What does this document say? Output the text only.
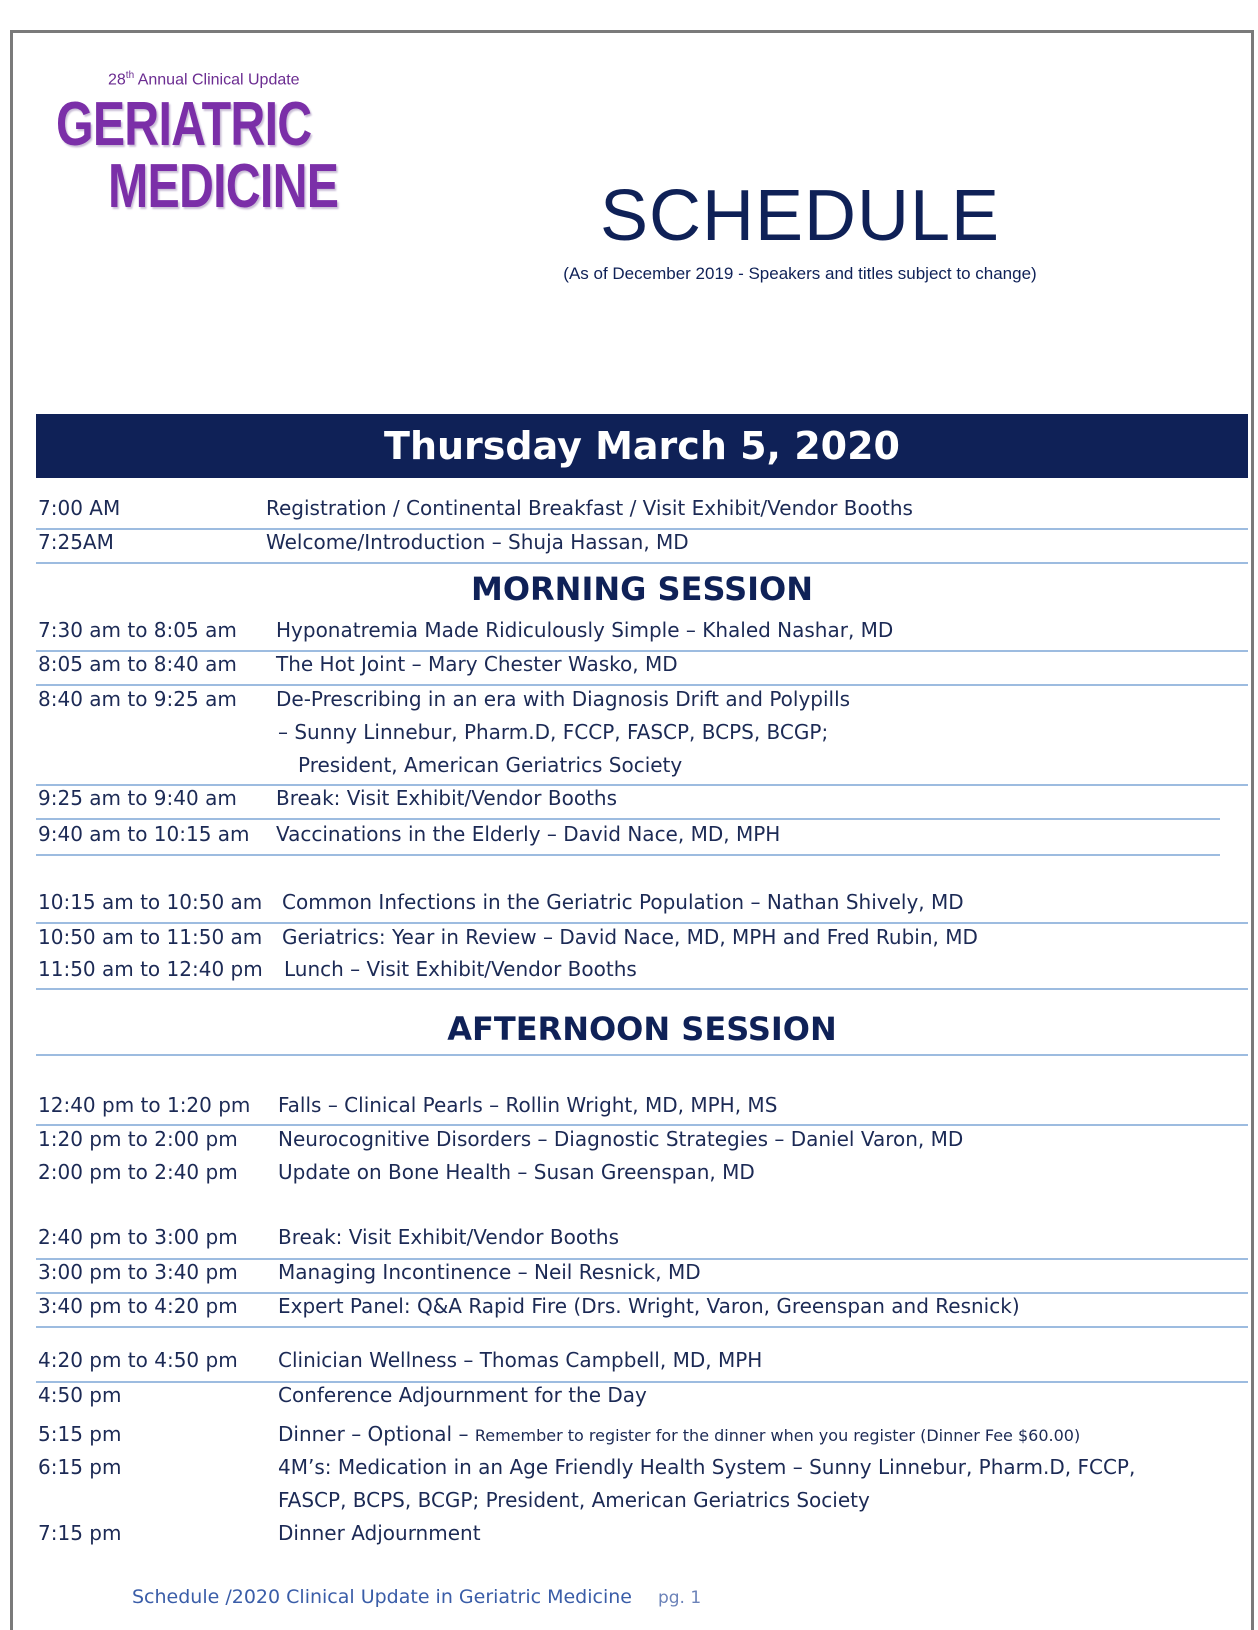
28th Annual Clinical Update
GERIATRIC
MEDICINE	SCHEDULE
(As of December 2019 - Speakers and titles subject to change)
Thursday March 5, 2020
7:00 AM	Registration / Continental Breakfast / Visit Exhibit/Vendor Booths
7:25AM	Welcome/Introduction – Shuja Hassan, MD
MORNING SESSION
7:30 am to 8:05 am Hyponatremia Made Ridiculously Simple – Khaled Nashar, MD
8:05 am to 8:40 am The Hot Joint – Mary Chester Wasko, MD
8:40 am to 9:25 am De-Prescribing in an era with Diagnosis Drift and Polypills
– Sunny Linnebur, Pharm.D, FCCP, FASCP, BCPS, BCGP;
President, American Geriatrics Society
9:25 am to 9:40 am Break: Visit Exhibit/Vendor Booths
9:40 am to 10:15 am Vaccinations in the Elderly – David Nace, MD, MPH
10:15 am to 10:50 am Common Infections in the Geriatric Population – Nathan Shively, MD
10:50 am to 11:50 am Geriatrics: Year in Review – David Nace, MD, MPH and Fred Rubin, MD
11:50 am to 12:40 pm Lunch – Visit Exhibit/Vendor Booths
AFTERNOON SESSION
12:40 pm to 1:20 pm Falls – Clinical Pearls – Rollin Wright, MD, MPH, MS
1:20 pm to 2:00 pm Neurocognitive Disorders – Diagnostic Strategies – Daniel Varon, MD
2:00 pm to 2:40 pm Update on Bone Health – Susan Greenspan, MD
2:40 pm to 3:00 pm Break: Visit Exhibit/Vendor Booths
3:00 pm to 3:40 pm Managing Incontinence – Neil Resnick, MD
3:40 pm to 4:20 pm Expert Panel: Q&A Rapid Fire (Drs. Wright, Varon, Greenspan and Resnick)
4:20 pm to 4:50 pm Clinician Wellness – Thomas Campbell, MD, MPH
4:50 pm	Conference Adjournment for the Day
5:15 pm	Dinner – Optional – Remember to register for the dinner when you register (Dinner Fee $60.00)
6:15 pm	4M’s: Medication in an Age Friendly Health System – Sunny Linnebur, Pharm.D, FCCP,
FASCP, BCPS, BCGP; President, American Geriatrics Society
7:15 pm	Dinner Adjournment
Schedule /2020 Clinical Update in Geriatric Medicine pg. 1
